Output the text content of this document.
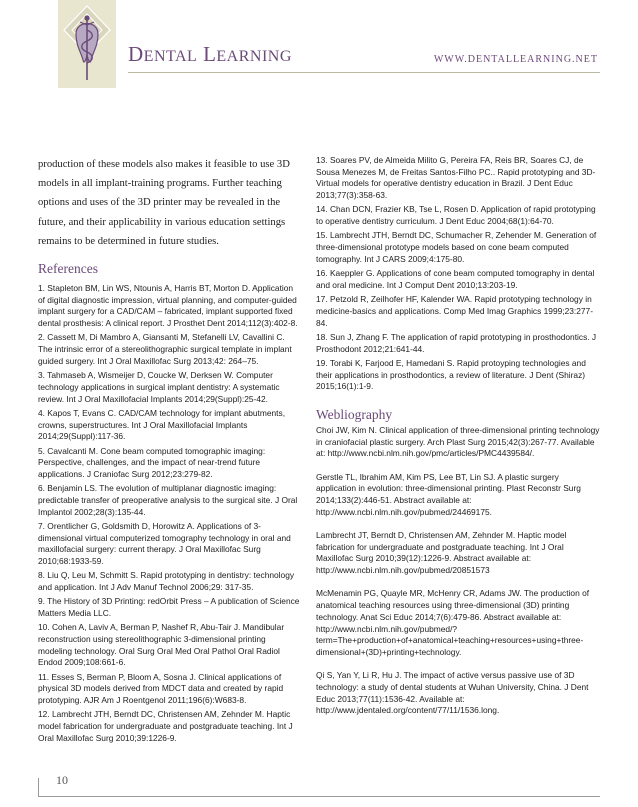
DENTAL LEARNING	WWW.DENTALLEARNING.NET

production of these models also makes it feasible to use 3D models in all implant-training programs. Further teaching options and uses of the 3D printer may be revealed in the future, and their applicability in various education settings remains to be determined in future studies.

References

1. Stapleton BM, Lin WS, Ntounis A, Harris BT, Morton D. Application of digital diagnostic impression, virtual planning, and computer-guided implant surgery for a CAD/CAM – fabricated, implant supported fixed dental prosthesis: A clinical report. J Prosthet Dent 2014;112(3):402-8.

2. Cassett M, Di Mambro A, Giansanti M, Stefanelli LV, Cavallini C. The intrinsic error of a stereolithographic surgical template in implant guided surgery. Int J Oral Maxillofac Surg 2013;42: 264–75.

3. Tahmaseb A, Wismeijer D, Coucke W, Derksen W. Computer technology applications in surgical implant dentistry: A systematic review. Int J Oral Maxillofacial Implants 2014;29(Suppl):25-42.

4. Kapos T, Evans C. CAD/CAM technology for implant abutments, crowns, superstructures. Int J Oral Maxillofacial Implants 2014;29(Suppl):117-36.

5. Cavalcanti M. Cone beam computed tomographic imaging: Perspective, challenges, and the impact of near-trend future applications. J Craniofac Surg 2012;23:279-82.

6. Benjamin LS. The evolution of multiplanar diagnostic imaging: predictable transfer of preoperative analysis to the surgical site. J Oral Implantol 2002;28(3):135-44.

7. Orentlicher G, Goldsmith D, Horowitz A. Applications of 3-dimensional virtual computerized tomography technology in oral and maxillofacial surgery: current therapy. J Oral Maxillofac Surg 2010;68:1933-59.

8. Liu Q, Leu M, Schmitt S. Rapid prototyping in dentistry: technology and application. Int J Adv Manuf Technol 2006;29: 317-35.

9. The History of 3D Printing: redOrbit Press – A publication of Science Matters Media LLC.

10. Cohen A, Laviv A, Berman P, Nashef R, Abu-Tair J. Mandibular reconstruction using stereolithographic 3-dimensional printing modeling technology. Oral Surg Oral Med Oral Pathol Oral Radiol Endod 2009;108:661-6.

11. Esses S, Berman P, Bloom A, Sosna J. Clinical applications of physical 3D models derived from MDCT data and created by rapid prototyping. AJR Am J Roentgenol 2011;196(6):W683-8.

12. Lambrecht JTH, Berndt DC, Christensen AM, Zehnder M. Haptic model fabrication for undergraduate and postgraduate teaching. Int J Oral Maxillofac Surg 2010;39:1226-9.

13. Soares PV, de Almeida Milito G, Pereira FA, Reis BR, Soares CJ, de Sousa Menezes M, de Freitas Santos-Filho PC.. Rapid prototyping and 3D-Virtual models for operative dentistry education in Brazil. J Dent Educ 2013;77(3):358-63.

14. Chan DCN, Frazier KB, Tse L, Rosen D. Application of rapid prototyping to operative dentistry curriculum. J Dent Educ 2004;68(1):64-70.

15. Lambrecht JTH, Berndt DC, Schumacher R, Zehender M. Generation of three-dimensional prototype models based on cone beam computed tomography. Int J CARS 2009;4:175-80.

16. Kaeppler G. Applications of cone beam computed tomography in dental and oral medicine. Int J Comput Dent 2010;13:203-19.

17. Petzold R, Zeilhofer HF, Kalender WA. Rapid prototyping technology in medicine-basics and applications. Comp Med Imag Graphics 1999;23:277-84.

18. Sun J, Zhang F. The application of rapid prototyping in prosthodontics. J Prosthodont 2012;21:641-44.

19. Torabi K, Farjood E, Hamedani S. Rapid protoyping technologies and their applications in prosthodontics, a review of literature. J Dent (Shiraz) 2015;16(1):1-9.

Webliography

Choi JW, Kim N. Clinical application of three-dimensional printing technology in craniofacial plastic surgery. Arch Plast Surg 2015;42(3):267-77. Available at: http://www.ncbi.nlm.nih.gov/pmc/articles/PMC4439584/.

Gerstle TL, Ibrahim AM, Kim PS, Lee BT, Lin SJ. A plastic surgery application in evolution: three-dimensional printing. Plast Reconstr Surg 2014;133(2):446-51. Abstract available at: http://www.ncbi.nlm.nih.gov/pubmed/24469175.

Lambrecht JT, Berndt D, Christensen AM, Zehnder M. Haptic model fabrication for undergraduate and postgraduate teaching. Int J Oral Maxillofac Surg 2010;39(12):1226-9. Abstract available at: http://www.ncbi.nlm.nih.gov/pubmed/20851573

McMenamin PG, Quayle MR, McHenry CR, Adams JW. The production of anatomical teaching resources using three-dimensional (3D) printing technology. Anat Sci Educ 2014;7(6):479-86. Abstract available at: http://www.ncbi.nlm.nih.gov/pubmed/?term=The+production+of+anatomical+teaching+resources+using+three-dimensional+(3D)+printing+technology.

Qi S, Yan Y, Li R, Hu J. The impact of active versus passive use of 3D technology: a study of dental students at Wuhan University, China. J Dent Educ 2013;77(11):1536-42. Available at: http://www.jdentaled.org/content/77/11/1536.long.

10
